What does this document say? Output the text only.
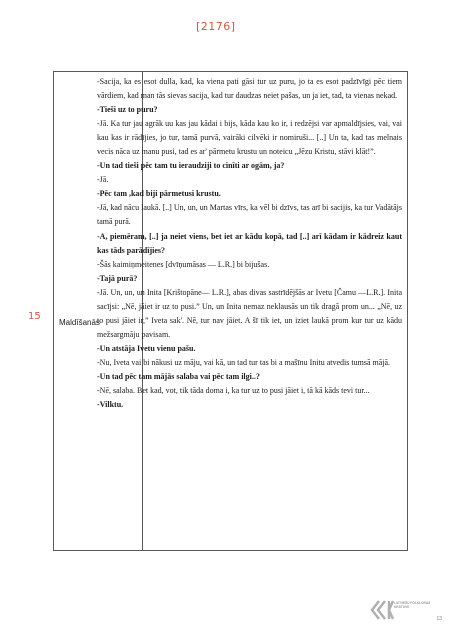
[2176]
Maldīšanās
15
-Sacija, ka es esot dulla, kad, ka viena pati gāsi tur uz puru, jo ta es esot padzīvīgi pēc tiem vārdiem, kad man tās sievas sacija, kad tur daudzas neiet pašas, un ja iet, tad, ta vienas nekad.
-Tieši uz to puru?
-Jā. Ka tur jau agrāk uu kas jau kādai i bijs, kāda kau ko ir, i redzējsi var apmaldījsies, vai, vai kau kas ir rādījies, jo tur, tamā purvā, vairāki cilvēki ir nomiruši... [..] Un ta, kad tas melnais vecis nāca uz manu pusi, tad es ar' pārmetu krustu un noteicu „Jēzu Kristu, stāvi klāt!”.
-Un tad tieši pēc tam tu ieraudziji to cinīti ar ogām, ja?
-Jā.
-Pēc tam ,kad biji pārmetusi krustu.
-Jā, kad nācu laukā. [..] Un, un, un Martas vīrs, ka vēl bi dzīvs, tas arī bi sacijis, ka tur Vadātājs tamā purā.
-A, piemēram, [..] ja neiet viens, bet iet ar kādu kopā, tad [..] arī kādam ir kādreiz kaut kas tāds parādījies?
-Šās kaimiņmeitenes [dvīņumāsas — L.R.] bi bijušas.
-Tajā purā?
-Jā. Un, un, un Inita [Krištopāne— L.R.], abas divas sastrīdējšās ar Ivetu [Čamu —L.R.]. Inita sacījsi: „Nē, jāiet ir uz to pusi.” Un, un Inita nemaz neklausās un tik dragā prom un... „Nē, uz to pusi jāiet ir,” Iveta sak'. Nē, tur nav jāiet. A šī tik iet, un iziet laukā prom kur tur uz kādu mežsargmāju pavisam.
-Un atstāja Ivetu vienu pašu.
-Nu, Iveta vai bi nākusi uz māju, vai kā, un tad tur tas bi a mašīnu Initu atvedis tumsā mājā.
-Un tad pēc tam mājās salaba vai pēc tam ilgi..?
-Nē, salaba. Bet kad, vot, tik tāda doma i, ka tur uz to pusi jāiet i, tā kā kāds tevi tur...
-Vilktu.
LATVIEŠU FOLKLORAS KRĀTUVE
13
